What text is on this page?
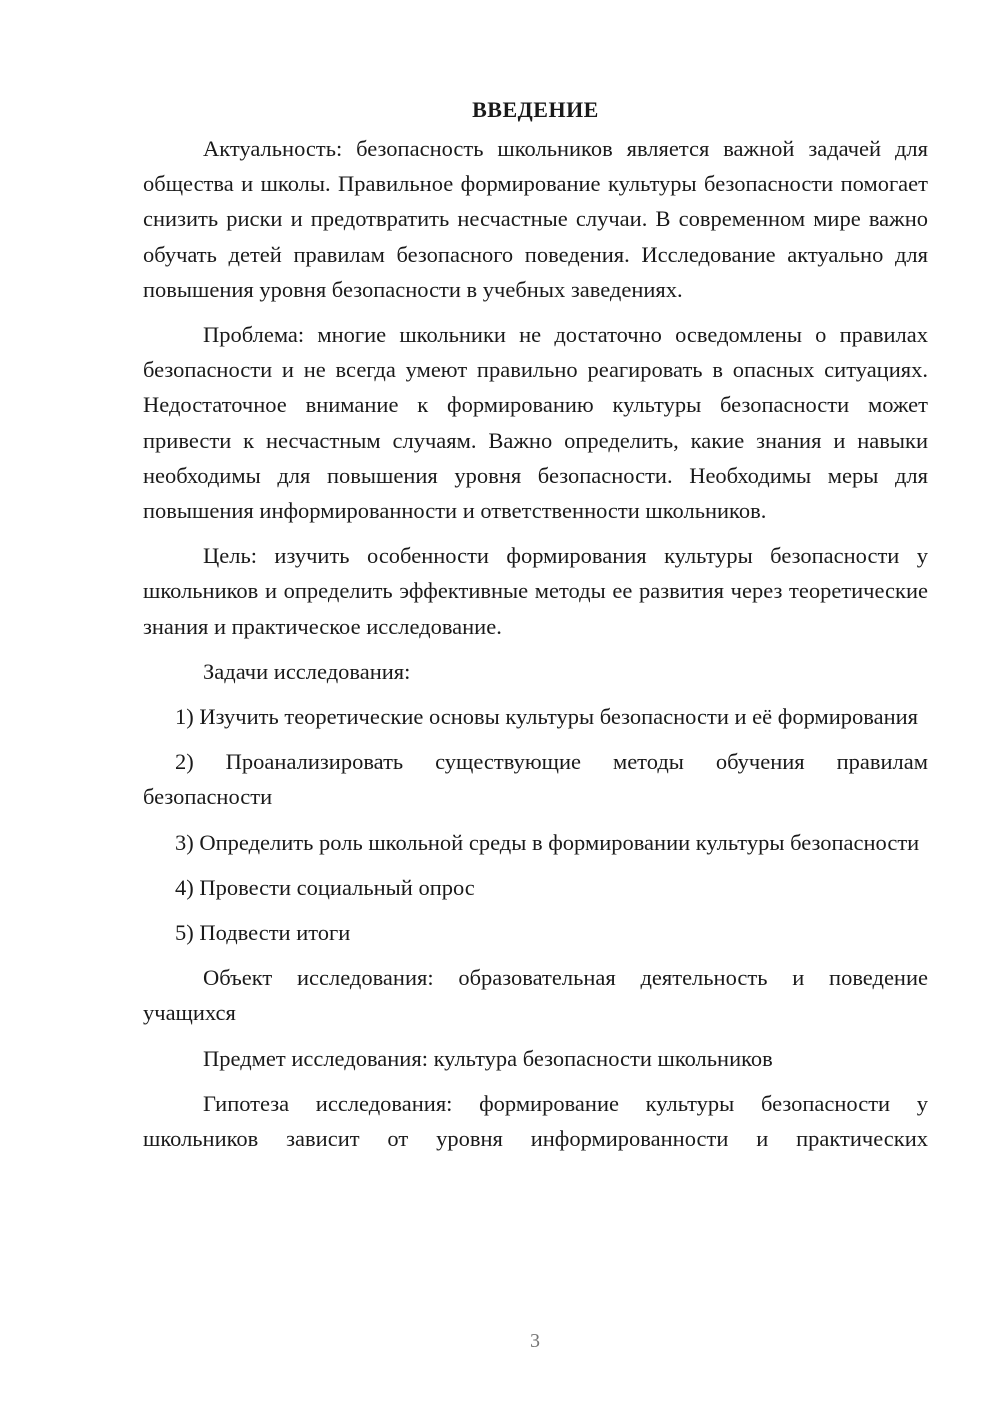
ВВЕДЕНИЕ

Актуальность: безопасность школьников является важной задачей для общества и школы. Правильное формирование культуры безопасности помогает снизить риски и предотвратить несчастные случаи. В современном мире важно обучать детей правилам безопасного поведения. Исследование актуально для повышения уровня безопасности в учебных заведениях.

Проблема: многие школьники не достаточно осведомлены о правилах безопасности и не всегда умеют правильно реагировать в опасных ситуациях. Недостаточное внимание к формированию культуры безопасности может привести к несчастным случаям. Важно определить, какие знания и навыки необходимы для повышения уровня безопасности. Необходимы меры для повышения информированности и ответственности школьников.

Цель: изучить особенности формирования культуры безопасности у школьников и определить эффективные методы ее развития через теоретические знания и практическое исследование.

Задачи исследования:

1) Изучить теоретические основы культуры безопасности и её формирования

2) Проанализировать существующие методы обучения правилам безопасности

3) Определить роль школьной среды в формировании культуры безопасности

4) Провести социальный опрос

5) Подвести итоги

Объект исследования: образовательная деятельность и поведение учащихся

Предмет исследования: культура безопасности школьников

Гипотеза исследования: формирование культуры безопасности у школьников зависит от уровня информированности и практических

3
